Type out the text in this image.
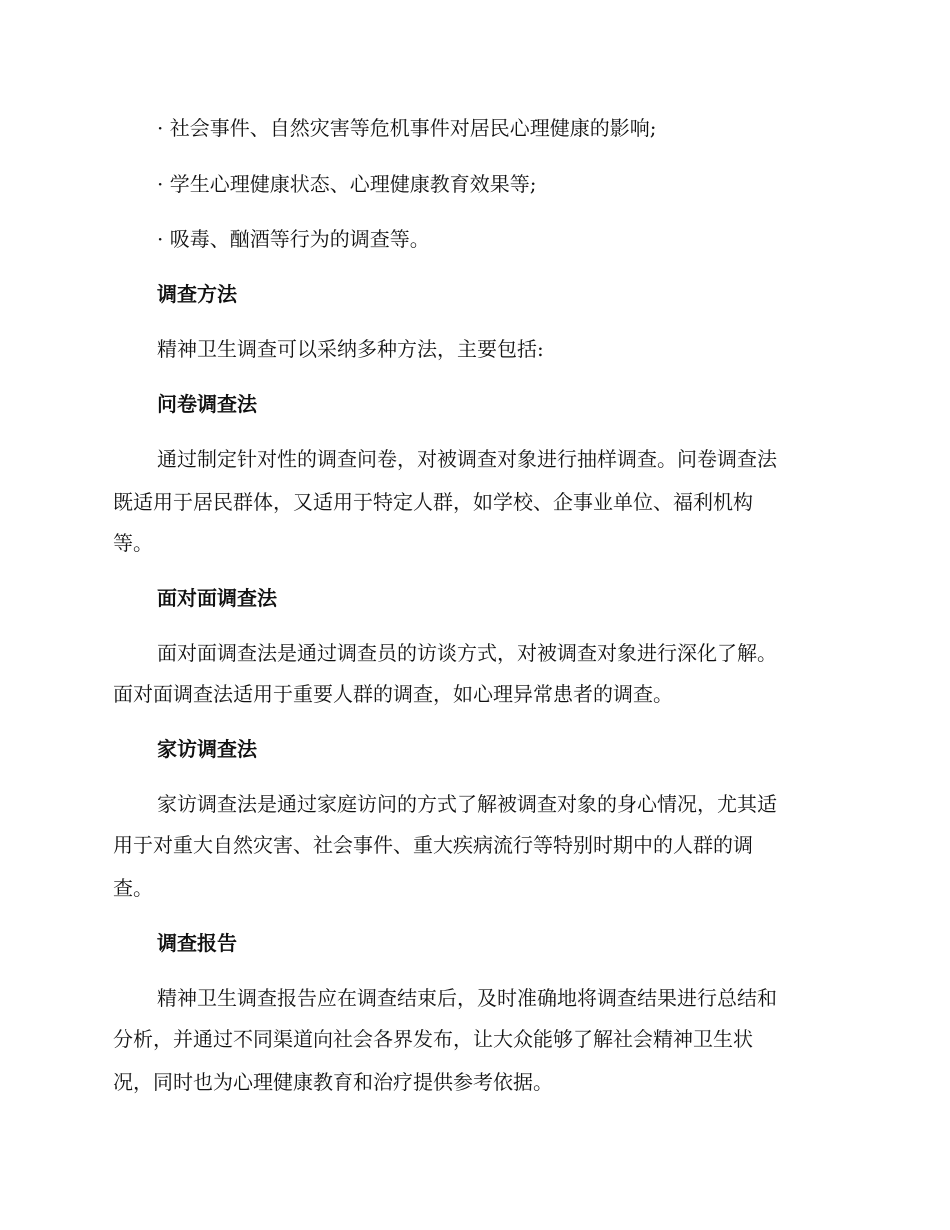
· 社会事件、自然灾害等危机事件对居民心理健康的影响;
· 学生心理健康状态、心理健康教育效果等;
· 吸毒、酗酒等行为的调查等。
调查方法
精神卫生调查可以采纳多种方法，主要包括:
问卷调查法
通过制定针对性的调查问卷，对被调查对象进行抽样调查。问卷调查法
既适用于居民群体，又适用于特定人群，如学校、企事业单位、福利机构
等。
面对面调查法
面对面调查法是通过调查员的访谈方式，对被调查对象进行深化了解。
面对面调查法适用于重要人群的调查，如心理异常患者的调查。
家访调查法
家访调查法是通过家庭访问的方式了解被调查对象的身心情况，尤其适
用于对重大自然灾害、社会事件、重大疾病流行等特别时期中的人群的调
查。
调查报告
精神卫生调查报告应在调查结束后，及时准确地将调查结果进行总结和
分析，并通过不同渠道向社会各界发布，让大众能够了解社会精神卫生状
况，同时也为心理健康教育和治疗提供参考依据。
